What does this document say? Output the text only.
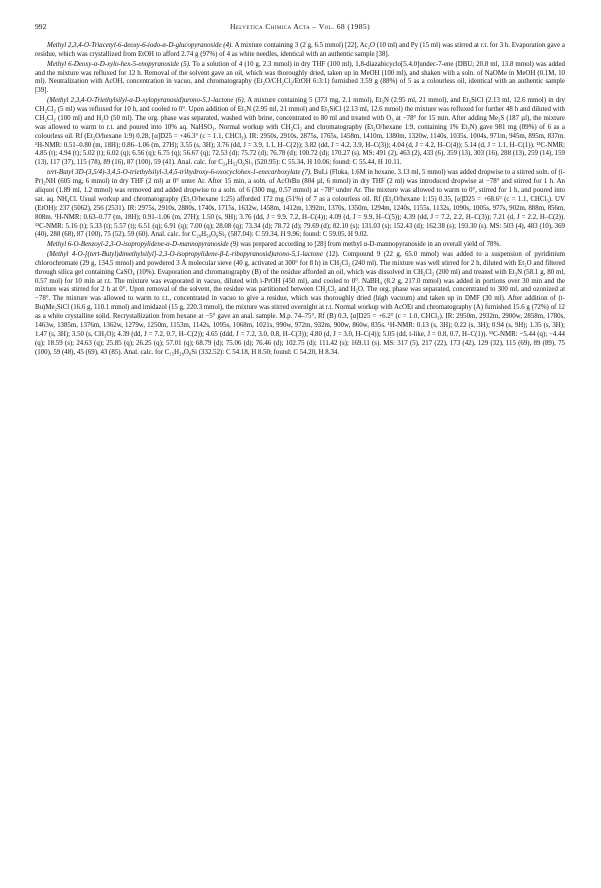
992	Helvetica Chimica Acta – Vol. 68 (1985)

Methyl 2,3,4-O-Triacetyl-6-deoxy-6-iodo-α-D-glucopyranoside (4). A mixture containing 3 (2 g, 6.5 mmol) [22], Ac₂O (10 ml) and Py (15 ml) was stirred at r.t. for 3 h. Evaporation gave a residue, which was crystallized from EtOH to afford 2.74 g (97%) of 4 as white needles, identical with an authentic sample [38].

Methyl 6-Deoxy-α-D-xylo-hex-5-enopyranoside (5). To a solution of 4 (10 g, 2.3 mmol) in dry THF (100 ml), 1,8-diazabicyclo[5.4.0]undec-7-ene (DBU; 20.8 ml, 13.8 mmol) was added and the mixture was refluxed for 12 h. Removal of the solvent gave an oil, which was thoroughly dried, taken up in MeOH (100 ml), and shaken with a soln. of NaOMe in MeOH (0.1M, 10 ml). Neutralization with AcOH, concentration in vacuo, and chromatography (Et₂O/CH₂Cl₂/EtOH 6:3:1) furnished 3.59 g (88%) of 5 as a colourless oil, identical with an authentic sample [39].

(Methyl 2,3,4-O-Triethylsilyl-α-D-xylopyranosid)urono-5,1-lactone (6). A mixture containing 5 (373 mg, 2.1 mmol), Et₃N (2.95 ml, 21 mmol), and Et₃SiCl (2.13 ml, 12.6 mmol) in dry CH₂Cl₂ (5 ml) was refluxed for 10 h, and cooled to 0°. Upon addition of Et₃N (2.95 ml, 21 mmol) and Et₃SiCl (2.13 ml, 12.6 mmol) the mixture was refluxed for further 48 h and diluted with CH₂Cl₂ (100 ml) and H₂O (50 ml). The org. phase was separated, washed with brine, concentrated to 80 ml and treated with O₃ at −78° for 15 min. After adding Me₂S (187 µl), the mixture was allowed to warm to r.t. and poured into 10% aq. NaHSO₃. Normal workup with CH₂Cl₂ and chromatography (Et₂O/hexane 1:9, containing 1% Et₃N) gave 981 mg (89%) of 6 as a colourless oil. Rf (Et₂O/hexane 1:9) 0.28, [α]D25 = +46.3° (c = 1.1, CHCl₃). IR: 2950s, 2910s, 2875s, 1765s, 1458m, 1410m, 1380m, 1320w, 1140s, 1035s, 1004s, 971m, 945m, 895m, 837m. ¹H-NMR: 0.51–0.80 (m, 18H); 0.86–1.06 (m, 27H); 3.55 (s, 3H); 3.76 (dd, J = 3.9, 1.1, H–C(2)); 3.82 (dd, J = 4.2, 3.9, H–C(3)); 4.04 (d, J = 4.2, H–C(4)); 5.14 (d, J = 1.1, H–C(1)). ¹³C-NMR: 4.85 (t); 4.94 (t); 5.02 (t); 6.02 (q); 6.56 (q); 6.75 (q); 56.67 (q); 72.53 (d); 75.72 (d); 76.78 (d); 100.72 (d); 170.27 (s). MS: 491 (2), 463 (2), 433 (6), 359 (13), 303 (16), 288 (13), 259 (14), 159 (13), 117 (37), 115 (78), 89 (16), 87 (100), 59 (41). Anal. calc. for C₂₄H₅₂O₆Si₃ (520.95): C 55.34, H 10.06; found: C 55.44, H 10.11.

tert-Butyl 3D-(3,5/4)-3,4,5-O-triethylsilyl-3,4,5-trihydroxy-6-oxocyclohex-1-enecarboxylate (7). BuLi (Fluka, 1.6M in hexane, 3.13 ml, 5 mmol) was added dropwise to a stirred soln. of (i-Pr)₂NH (605 mg, 6 mmol) in dry THF (2 ml) at 0° unter Ar. After 15 min, a soln. of AcOrBu (804 µl, 6 mmol) in dry THF (2 ml) was introduced dropwise at −78° and stirred for 1 h. An aliquot (1.89 ml, 1.2 mmol) was removed and added dropwise to a soln. of 6 (300 mg, 0.57 mmol) at −78° under Ar. The mixture was allowed to warm to 0°, stirred for 1 h, and poured into sat. aq. NH₄Cl. Usual workup and chromatography (Et₂O/hexane 1:25) afforded 172 mg (51%) of 7 as a colourless oil. Rf (Et₂O/hexane 1:15) 0.35, [α]D25 = +68.6° (c = 1.1, CHCl₃). UV (EtOH): 237 (5062), 256 (2531). IR: 2975s, 2910s, 2880s, 1740s, 1715s, 1632w, 1458m, 1412m, 1392m, 1370s, 1350m, 1294m, 1240s, 1155s, 1132s, 1090s, 1005s, 977s, 902m, 888m, 856m, 808m. ¹H-NMR: 0.63–0.77 (m, 18H); 0.91–1.06 (m, 27H); 1.50 (s, 9H); 3.76 (dd, J = 9.9, 7.2, H–C(4)); 4.09 (d, J = 9.9, H–C(5)); 4.39 (dd, J = 7.2, 2.2, H–C(3)); 7.21 (d, J = 2.2, H–C(2)). ¹³C-NMR: 5.16 (t); 5.33 (t); 5.57 (t); 6.51 (q); 6.91 (q); 7.00 (q); 28.08 (q); 73.34 (d); 78.72 (d); 79.69 (d); 82.10 (s); 131.03 (s); 152.43 (d); 162.38 (s); 193.30 (s). MS: 503 (4), 483 (10), 369 (40), 288 (68), 87 (100), 75 (52), 59 (60). Anal. calc. for C₂₉H₅₈O₆Si₃ (587.04): C 59.34, H 9.96; found: C 59.05, H 9.02.

Methyl 6-O-Benzoyl-2,3-O-isopropylidene-α-D-mannopyranoside (9) was prepared according to [28] from methyl α-D-mannopyranoside in an overall yield of 78%.

(Methyl 4-O-[(tert-Butyl)dimethylsilyl]-2,3-O-isopropylidene-β-L-ribopyranosid)urono-5,1-lactone (12). Compound 9 (22 g, 65.0 mmol) was added to a suspension of pyridinium chlorochromate (29 g, 134.5 mmol) and powdered 3 Å molecular sieve (40 g, activated at 300° for 8 h) in CH₂Cl₂ (240 ml). The mixture was well stirred for 2 h, diluted with Et₂O and filtered through silica gel containing CaSO₄ (10%). Evaporation and chromatography (B) of the residue afforded an oil, which was dissolved in CH₂Cl₂ (200 ml) and treated with Et₃N (58.1 g, 80 ml, 0.57 mol) for 10 min at r.t. The mixture was evaporated in vacuo, diluted with i-PrOH (450 ml), and cooled to 0°. NaBH₄ (8.2 g, 217.0 mmol) was added in portions over 30 min and the mixture was stirred for 2 h at 0°. Upon removal of the solvent, the residue was partitioned between CH₂Cl₂ and H₂O. The org. phase was separated, concentrated to 300 ml, and ozonized at −78°. The mixture was allowed to warm to r.t., concentrated in vacuo to give a residue, which was thoroughly dried (high vacuum) and taken up in DMF (30 ml). After addition of (t-Bu)Me₂SiCl (16.6 g, 110.1 mmol) and imidazol (15 g, 220.3 mmol), the mixture was stirred overnight at r.t. Normal workup with AcOEt and chromatography (A) furnished 15.6 g (72%) of 12 as a white crystalline solid. Recrystallization from hexane at −5° gave an anal. sample. M.p. 74–75°, Rf (B) 0.3, [α]D25 = +6.2° (c = 1.0, CHCl₃). IR: 2950m, 2932m, 2900w, 2858m, 1780s, 1463w, 1385m, 1376m, 1362w, 1279w, 1250m, 1153m, 1142s, 1095s, 1068m, 1021s, 990w, 972m, 932m, 900w, 860w, 835s. ¹H-NMR: 0.13 (s, 3H); 0.22 (s, 3H); 0.94 (s, 9H); 1.35 (s, 3H); 1.47 (s, 3H); 3.50 (s, CH₃O); 4.39 (dd, J = 7.2, 0.7, H–C(2)); 4.65 (ddd, J = 7.2, 3.0, 0.8, H–C(3)); 4.80 (d, J = 3.0, H–C(4)); 5.05 (dd, t-like, J = 0.8, 0.7, H–C(1)). ¹³C-NMR: −5.44 (q); −4.44 (q); 18.59 (s); 24.63 (q); 25.85 (q); 26.25 (q); 57.01 (q); 68.79 (d); 75.06 (d); 76.46 (d); 102.75 (d); 111.42 (s); 169.11 (s). MS: 317 (5), 217 (22), 173 (42), 129 (32), 115 (69), 89 (89), 75 (100), 59 (48), 45 (69), 43 (85). Anal. calc. for C₁₅H₂₈O₆Si (332.52): C 54.18, H 8.50; found: C 54.20, H 8.34.
